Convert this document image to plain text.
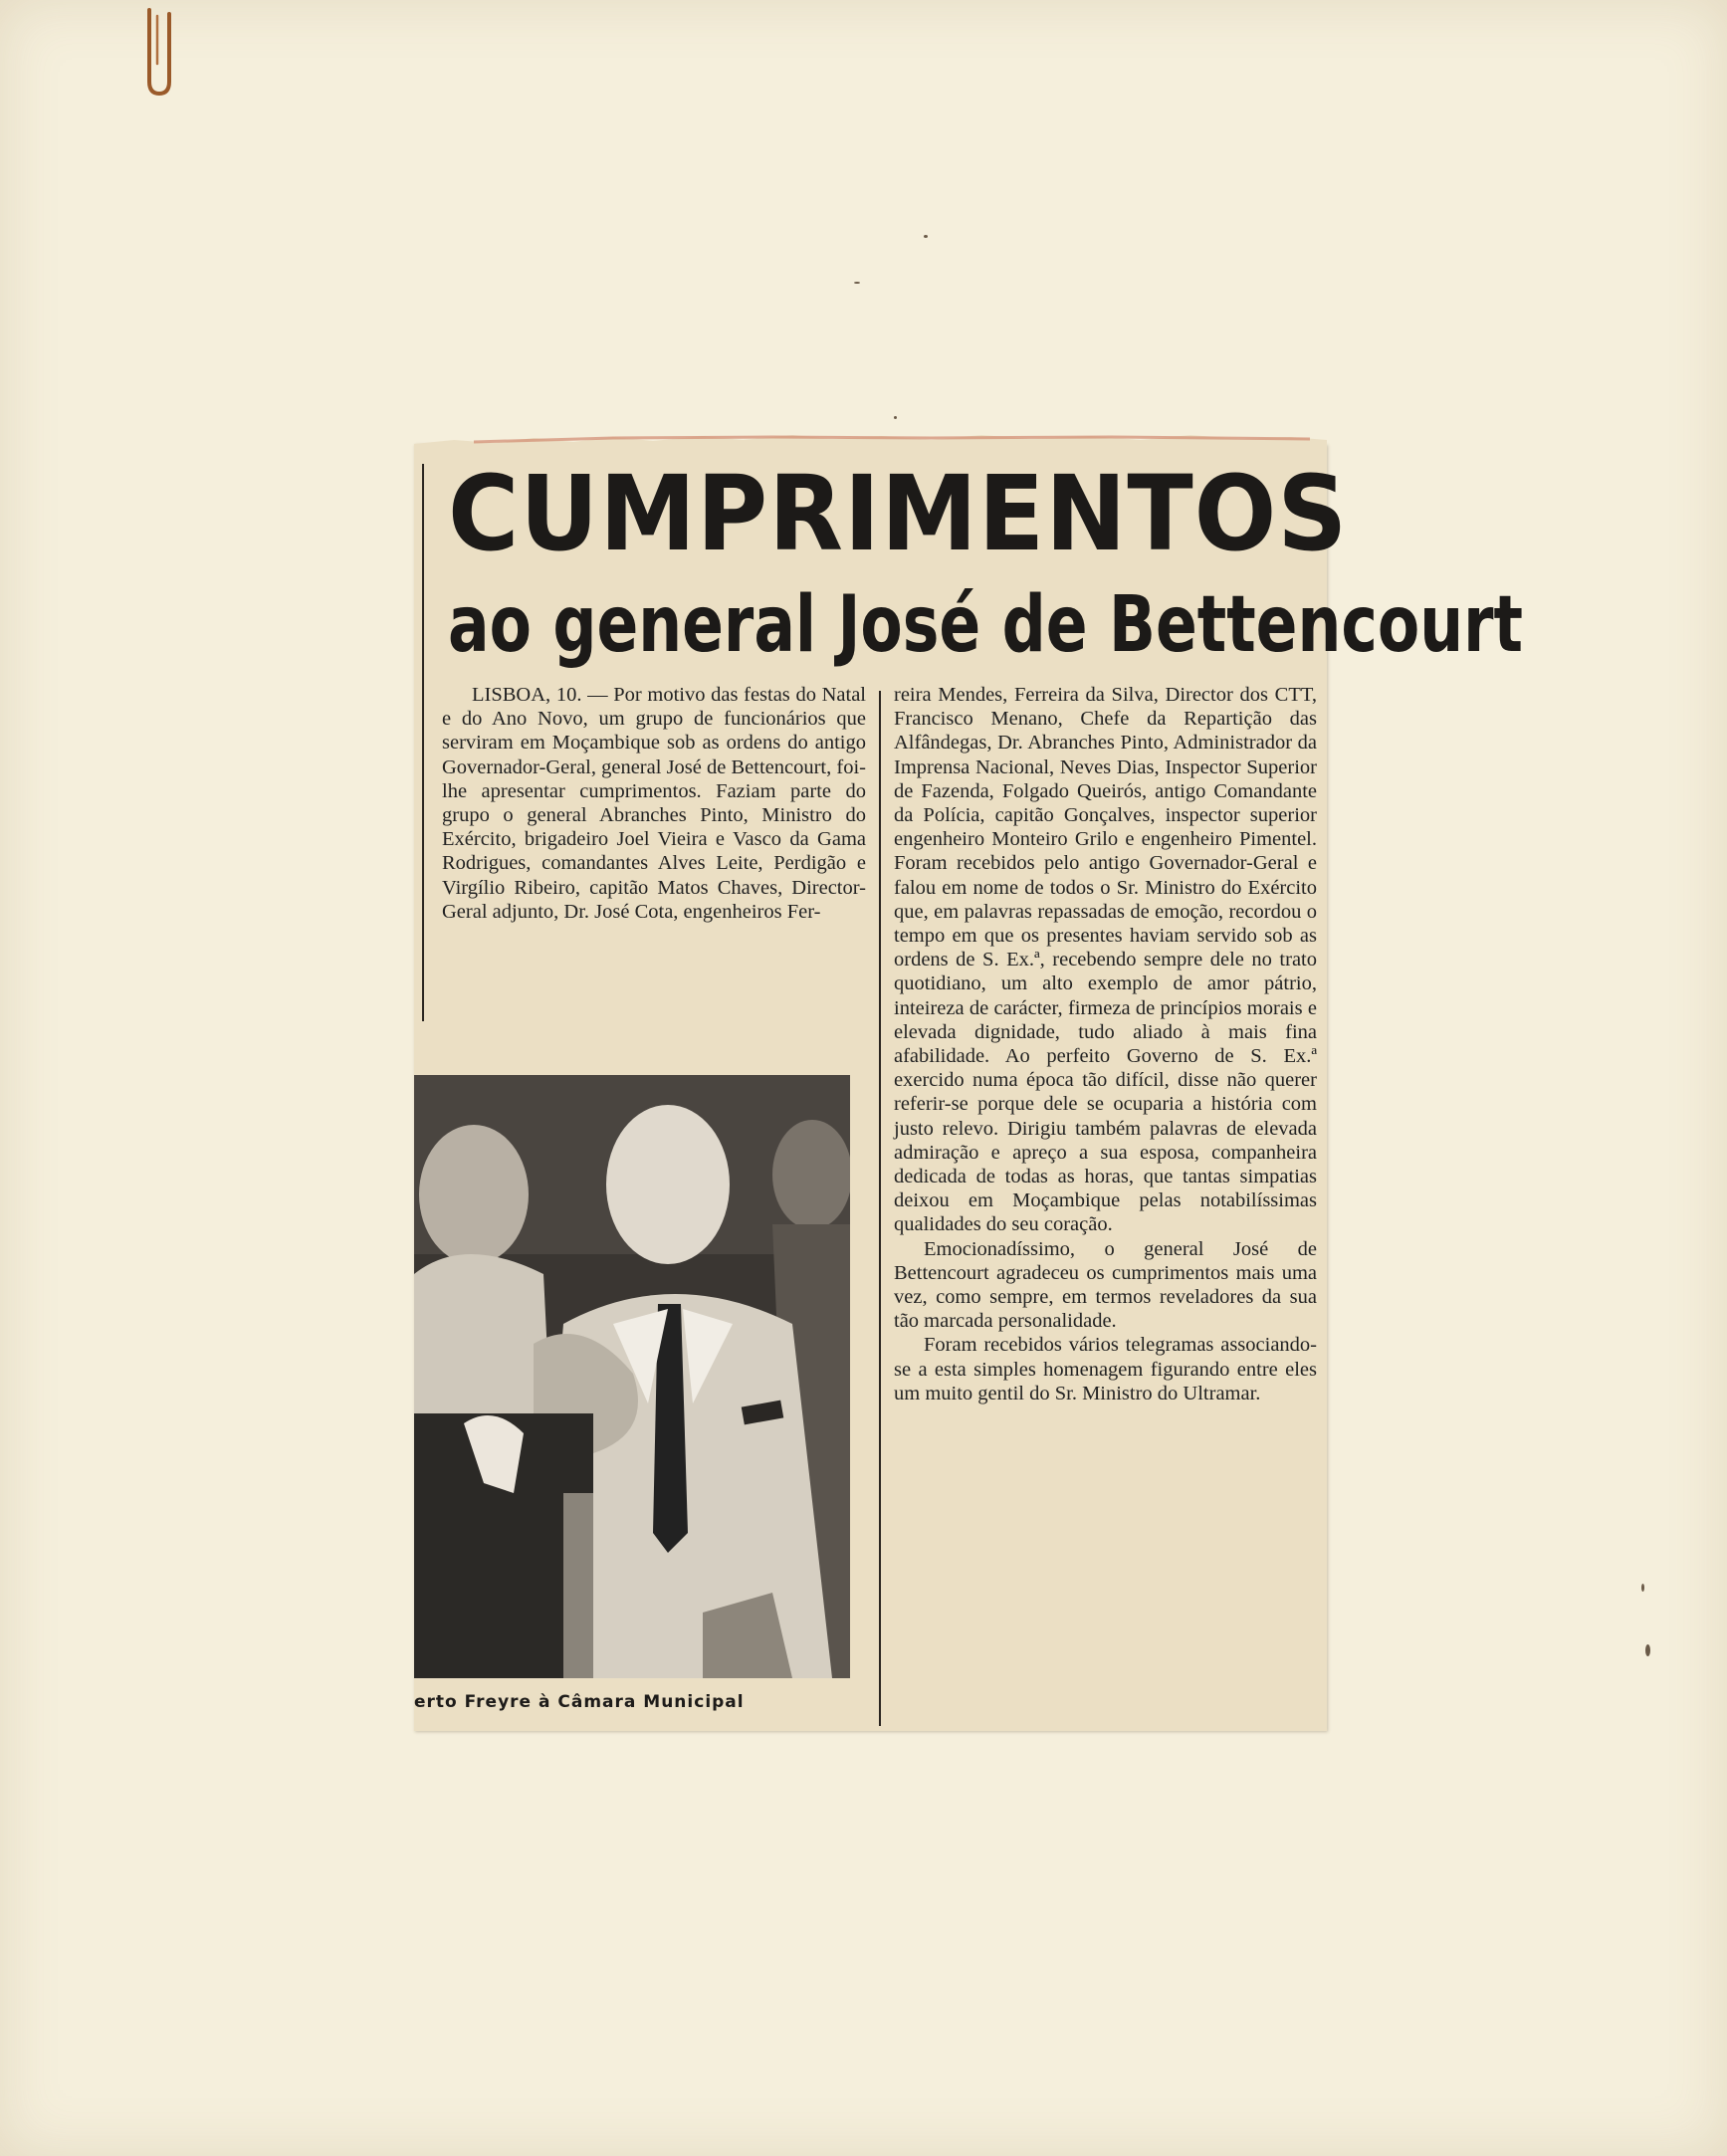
CUMPRIMENTOS
ao general José de Bettencourt

LISBOA, 10. — Por motivo das festas do Natal e do Ano Novo, um grupo de funcionários que serviram em Moçambique sob as ordens do antigo Governador-Geral, general José de Bettencourt, foi-lhe apresentar cumprimentos. Faziam parte do grupo o general Abranches Pinto, Ministro do Exército, brigadeiro Joel Vieira e Vasco da Gama Rodrigues, comandantes Alves Leite, Perdigão e Virgílio Ribeiro, capitão Matos Chaves, Director-Geral adjunto, Dr. José Cota, engenheiros Fer-

erto Freyre à Câmara Municipal

reira Mendes, Ferreira da Silva, Director dos CTT, Francisco Menano, Chefe da Repartição das Alfândegas, Dr. Abranches Pinto, Administrador da Imprensa Nacional, Neves Dias, Inspector Superior de Fazenda, Folgado Queirós, antigo Comandante da Polícia, capitão Gonçalves, inspector superior engenheiro Monteiro Grilo e engenheiro Pimentel. Foram recebidos pelo antigo Governador-Geral e falou em nome de todos o Sr. Ministro do Exército que, em palavras repassadas de emoção, recordou o tempo em que os presentes haviam servido sob as ordens de S. Ex.ª, recebendo sempre dele no trato quotidiano, um alto exemplo de amor pátrio, inteireza de carácter, firmeza de princípios morais e elevada dignidade, tudo aliado à mais fina afabilidade. Ao perfeito Governo de S. Ex.ª exercido numa época tão difícil, disse não querer referir-se porque dele se ocuparia a história com justo relevo. Dirigiu também palavras de elevada admiração e apreço a sua esposa, companheira dedicada de todas as horas, que tantas simpatias deixou em Moçambique pelas notabilíssimas qualidades do seu coração.

Emocionadíssimo, o general José de Bettencourt agradeceu os cumprimentos mais uma vez, como sempre, em termos reveladores da sua tão marcada personalidade.

Foram recebidos vários telegramas associando-se a esta simples homenagem figurando entre eles um muito gentil do Sr. Ministro do Ultramar.
